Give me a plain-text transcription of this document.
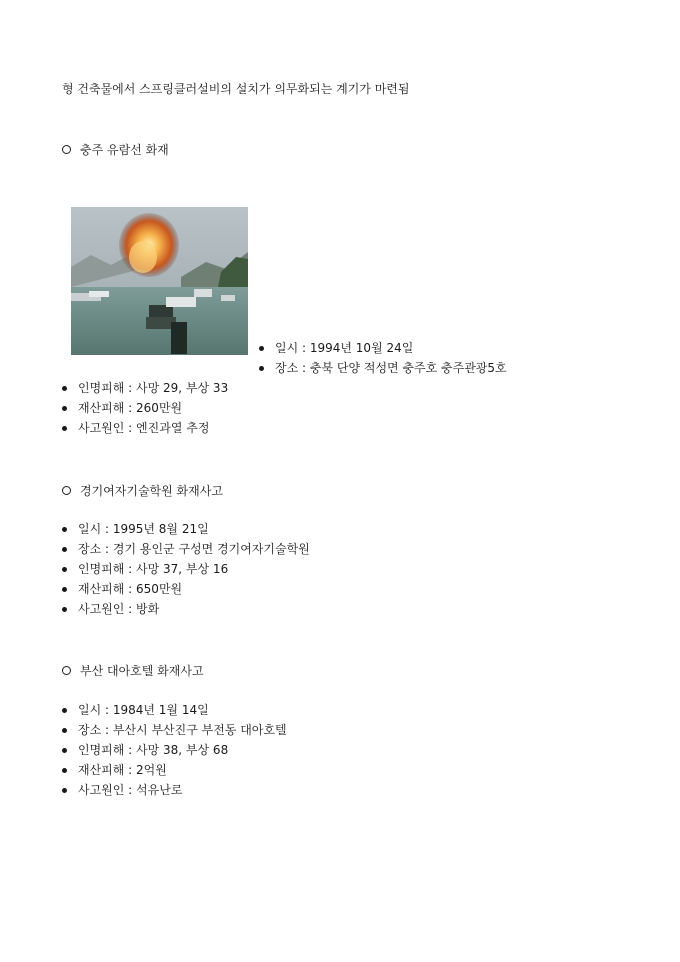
형 건축물에서 스프링클러설비의 설치가 의무화되는 계기가 마련됨
충주 유람선 화재
일시 : 1994년 10월 24일
장소 : 충북 단양 적성면 충주호 충주관광5호
인명피해 : 사망 29, 부상 33
재산피해 : 260만원
사고원인 : 엔진과열 추정
경기여자기술학원 화재사고
일시 : 1995년 8월 21일
장소 : 경기 용인군 구성면 경기여자기술학원
인명피해 : 사망 37, 부상 16
재산피해 : 650만원
사고원인 : 방화
부산 대아호텔 화재사고
일시 : 1984년 1월 14일
장소 : 부산시 부산진구 부전동 대아호텔
인명피해 : 사망 38, 부상 68
재산피해 : 2억원
사고원인 : 석유난로
